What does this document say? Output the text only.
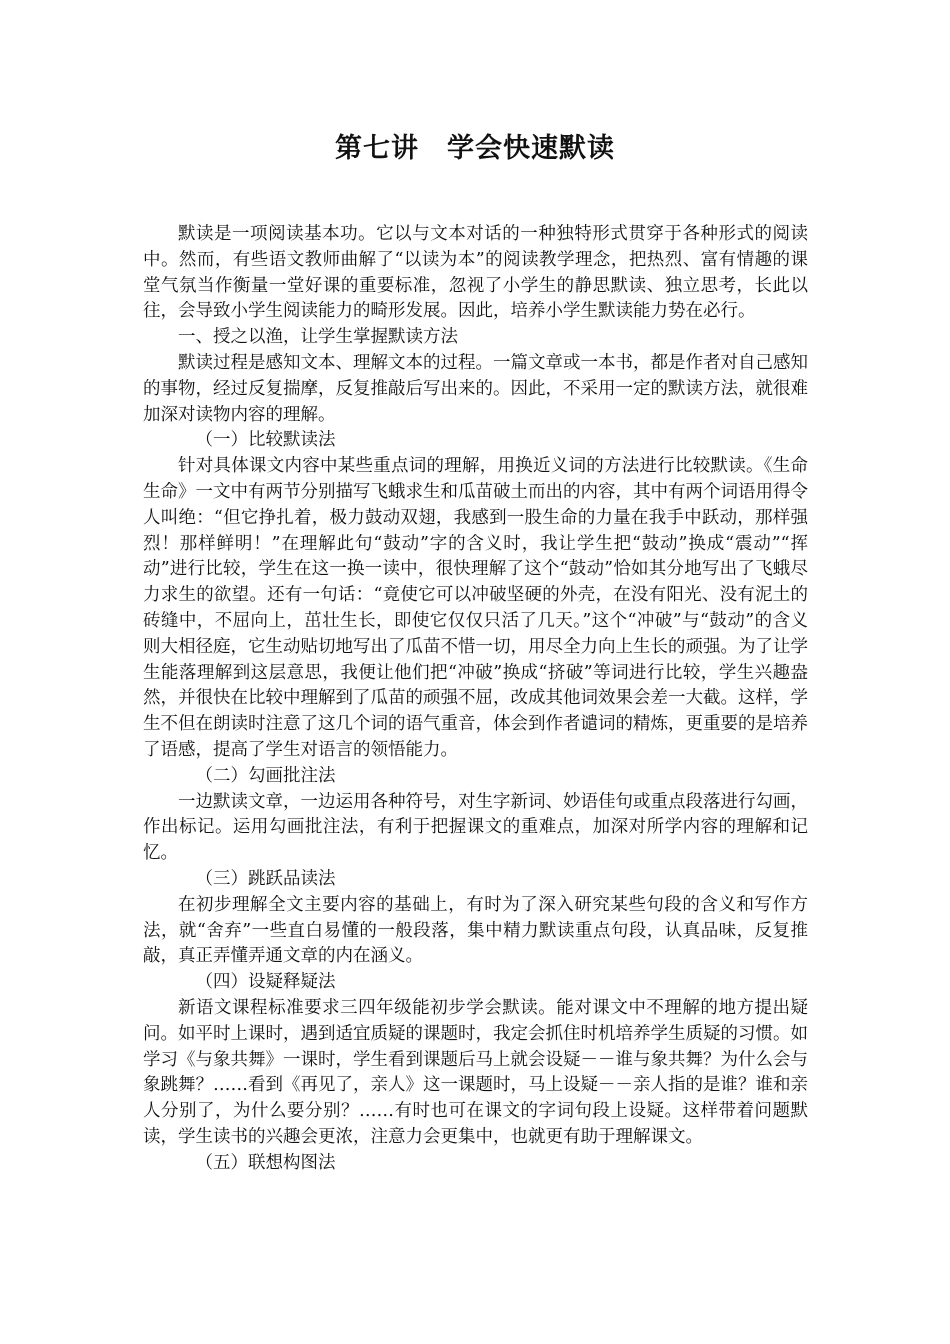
第七讲　学会快速默读

默读是一项阅读基本功。它以与文本对话的一种独特形式贯穿于各种形式的阅读中。然而，有些语文教师曲解了“以读为本”的阅读教学理念，把热烈、富有情趣的课堂气氛当作衡量一堂好课的重要标准，忽视了小学生的静思默读、独立思考，长此以往，会导致小学生阅读能力的畸形发展。因此，培养小学生默读能力势在必行。

一、授之以渔，让学生掌握默读方法

默读过程是感知文本、理解文本的过程。一篇文章或一本书，都是作者对自己感知的事物，经过反复揣摩，反复推敲后写出来的。因此，不采用一定的默读方法，就很难加深对读物内容的理解。

（一）比较默读法

针对具体课文内容中某些重点词的理解，用换近义词的方法进行比较默读。《生命生命》一文中有两节分别描写飞蛾求生和瓜苗破土而出的内容，其中有两个词语用得令人叫绝：“但它挣扎着，极力鼓动双翅，我感到一股生命的力量在我手中跃动，那样强烈！那样鲜明！”在理解此句“鼓动”字的含义时，我让学生把“鼓动”换成“震动”“挥动”进行比较，学生在这一换一读中，很快理解了这个“鼓动”恰如其分地写出了飞蛾尽力求生的欲望。还有一句话：“竟使它可以冲破坚硬的外壳，在没有阳光、没有泥土的砖缝中，不屈向上，茁壮生长，即使它仅仅只活了几天。”这个“冲破”与“鼓动”的含义则大相径庭，它生动贴切地写出了瓜苗不惜一切，用尽全力向上生长的顽强。为了让学生能落理解到这层意思，我便让他们把“冲破”换成“挤破”等词进行比较，学生兴趣盎然，并很快在比较中理解到了瓜苗的顽强不屈，改成其他词效果会差一大截。这样，学生不但在朗读时注意了这几个词的语气重音，体会到作者谴词的精炼，更重要的是培养了语感，提高了学生对语言的领悟能力。

（二）勾画批注法

一边默读文章，一边运用各种符号，对生字新词、妙语佳句或重点段落进行勾画，作出标记。运用勾画批注法，有利于把握课文的重难点，加深对所学内容的理解和记忆。

（三）跳跃品读法

在初步理解全文主要内容的基础上，有时为了深入研究某些句段的含义和写作方法，就“舍弃”一些直白易懂的一般段落，集中精力默读重点句段，认真品味，反复推敲，真正弄懂弄通文章的内在涵义。

（四）设疑释疑法

新语文课程标准要求三四年级能初步学会默读。能对课文中不理解的地方提出疑问。如平时上课时，遇到适宜质疑的课题时，我定会抓住时机培养学生质疑的习惯。如学习《与象共舞》一课时，学生看到课题后马上就会设疑－－谁与象共舞？为什么会与象跳舞？……看到《再见了，亲人》这一课题时，马上设疑－－亲人指的是谁？谁和亲人分别了，为什么要分别？……有时也可在课文的字词句段上设疑。这样带着问题默读，学生读书的兴趣会更浓，注意力会更集中，也就更有助于理解课文。

（五）联想构图法
